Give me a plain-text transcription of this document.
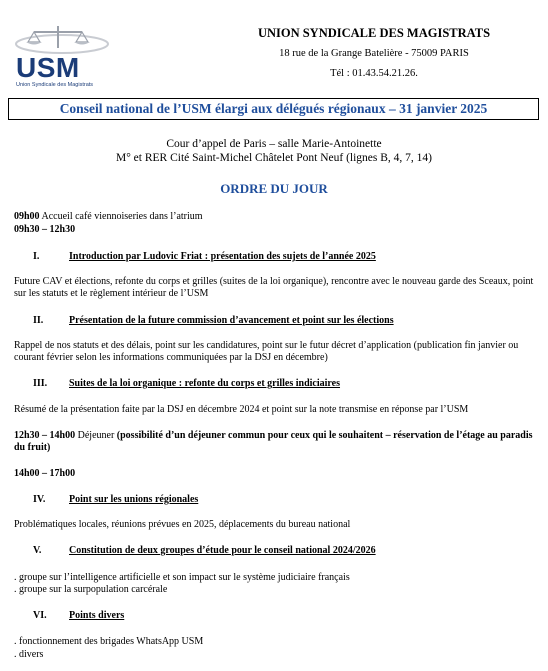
USM
Union Syndicale des Magistrats
UNION SYNDICALE DES MAGISTRATS
18 rue de la Grange Batelière - 75009 PARIS
Tél : 01.43.54.21.26.
Conseil national de l’USM élargi aux délégués régionaux – 31 janvier 2025
Cour d’appel de Paris – salle Marie-Antoinette
M° et RER Cité Saint-Michel Châtelet Pont Neuf (lignes B, 4, 7, 14)
ORDRE DU JOUR
09h00 Accueil café viennoiseries dans l’atrium
09h30 – 12h30
I.	Introduction par Ludovic Friat : présentation des sujets de l’année 2025
Future CAV et élections, refonte du corps et grilles (suites de la loi organique), rencontre avec le nouveau garde des Sceaux, point sur les statuts et le règlement intérieur de l’USM
II.	Présentation de la future commission d’avancement et point sur les élections
Rappel de nos statuts et des délais, point sur les candidatures, point sur le futur décret d’application (publication fin janvier ou courant février selon les informations communiquées par la DSJ en décembre)
III. Suites de la loi organique : refonte du corps et grilles indiciaires
Résumé de la présentation faite par la DSJ en décembre 2024 et point sur la note transmise en réponse par l’USM
12h30 – 14h00 Déjeuner (possibilité d’un déjeuner commun pour ceux qui le souhaitent – réservation de l’étage au paradis du fruit)
14h00 – 17h00
IV. Point sur les unions régionales
Problématiques locales, réunions prévues en 2025, déplacements du bureau national
V.	Constitution de deux groupes d’étude pour le conseil national 2024/2026
. groupe sur l’intelligence artificielle et son impact sur le système judiciaire français
. groupe sur la surpopulation carcérale
VI. Points divers
. fonctionnement des brigades WhatsApp USM
. divers
